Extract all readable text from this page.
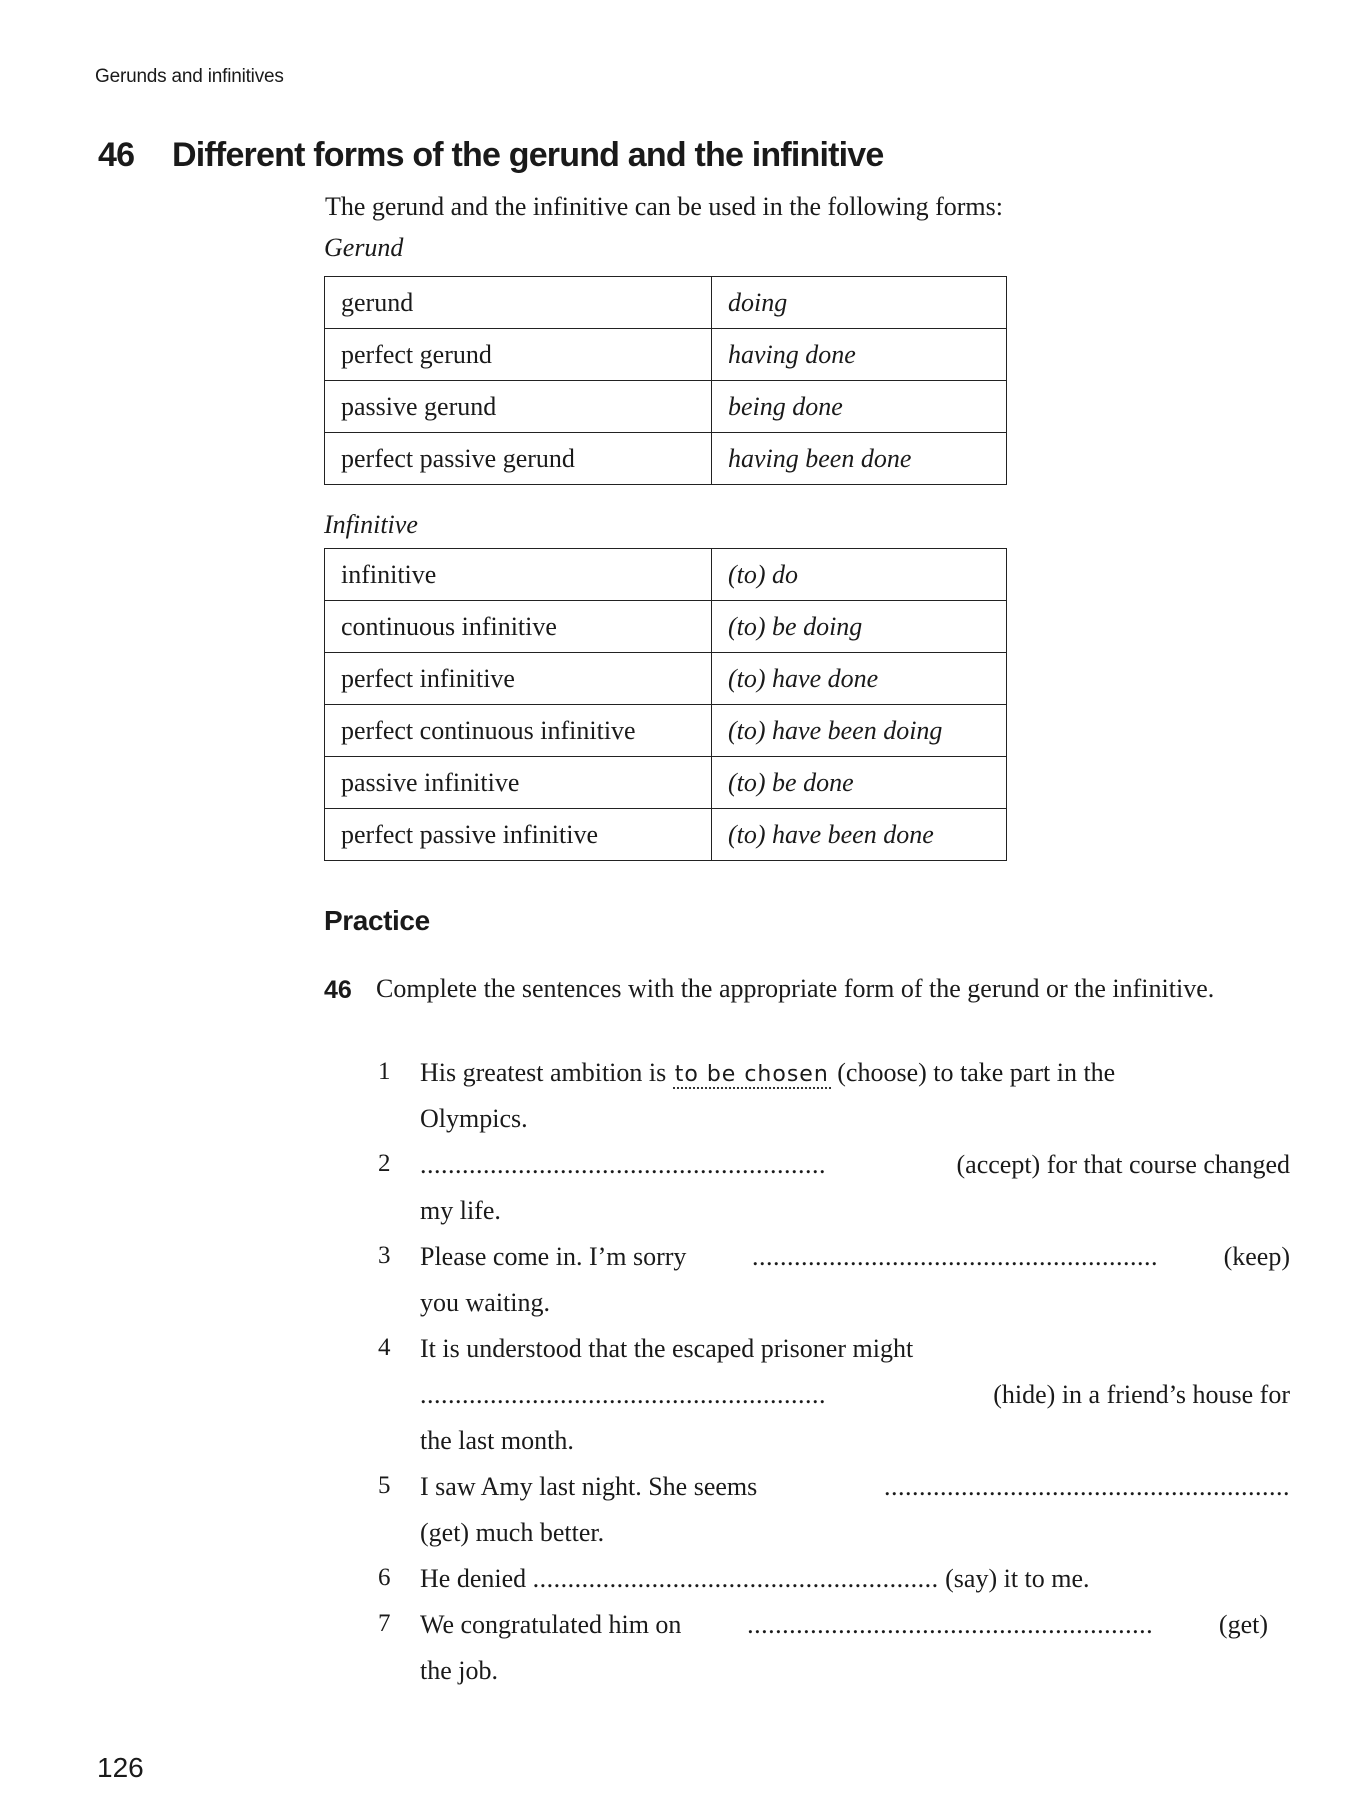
Gerunds and infinitives
46 Different forms of the gerund and the infinitive
The gerund and the infinitive can be used in the following forms:
Gerund
gerund	doing
perfect gerund	having done
passive gerund	being done
perfect passive gerund	having been done
Infinitive
infinitive	(to) do
continuous infinitive	(to) be doing
perfect infinitive	(to) have done
perfect continuous infinitive	(to) have been doing
passive infinitive	(to) be done
perfect passive infinitive	(to) have been done
Practice
46 Complete the sentences with the appropriate form of the gerund or the infinitive.
1 His greatest ambition is to be chosen (choose) to take part in the
Olympics.
2 ..........................................................	(accept) for that course changed
my life.
3 Please come in. I’m sorry	..........................................................	(keep)
you waiting.
4 It is understood that the escaped prisoner might
..........................................................	(hide) in a friend’s house for
the last month.
5 I saw Amy last night. She seems	..........................................................
(get) much better.
6 He denied .......................................................... (say) it to me.
7 We congratulated him on	..........................................................	(get)
the job.
126
